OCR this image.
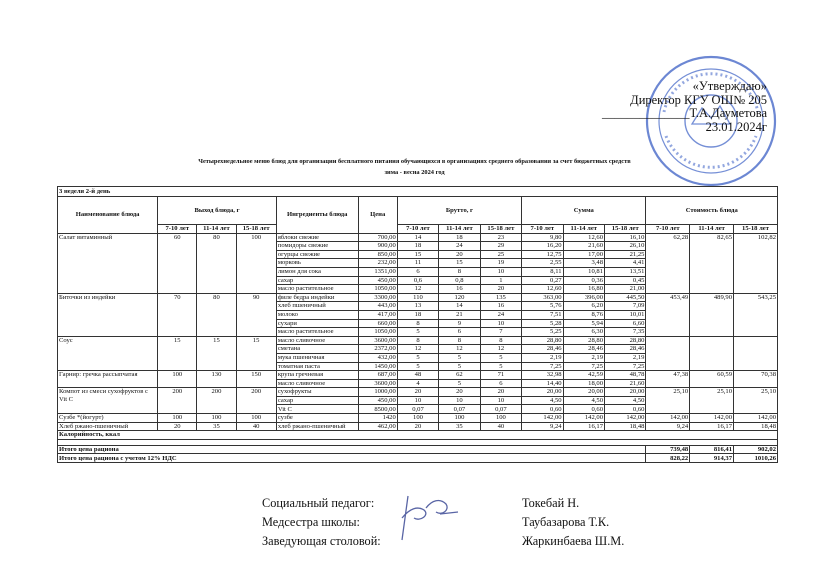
«Утверждаю»
Директор КГУ ОШ№ 205
______________Т.А.Дауметова
23.01.2024г
Четырехнедельное меню блюд для организации бесплатного питания обучающихся в организациях среднего образования за счет бюджетных средств
зима - весна 2024 год
3 неделя 2-й день														
Наименование блюда	Выход блюда, г			Ингредиенты блюда	Цена	Брутто, г			Сумма			Стоимость блюда		
	7-10 лет	11-14 лет	15-18 лет			7-10 лет	11-14 лет	15-18 лет	7-10 лет	11-14 лет	15-18 лет	7-10 лет	11-14 лет	15-18 лет
Салат витаминный	60	80	100	яблоки свежие	700,00	14	18	23	9,80	12,60	16,10	62,28	82,65	102,82
				помидоры свежие	900,00	18	24	29	16,20	21,60	26,10			
				огурцы свежие	850,00	15	20	25	12,75	17,00	21,25			
				морковь	232,00	11	15	19	2,55	3,48	4,41			
				лимон для сока	1351,00	6	8	10	8,11	10,81	13,51			
				сахар	450,00	0,6	0,8	1	0,27	0,36	0,45			
				масло растительное	1050,00	12	16	20	12,60	16,80	21,00			
Биточки из индейки	70	80	90	филе бедра индейки	3300,00	110	120	135	363,00	396,00	445,50	453,49	489,90	543,25
				хлеб пшеничный	443,00	13	14	16	5,76	6,20	7,09			
				молоко	417,00	18	21	24	7,51	8,76	10,01			
				сухари	660,00	8	9	10	5,28	5,94	6,60			
				масло растительное	1050,00	5	6	7	5,25	6,30	7,35			
Соус	15	15	15	масло сливочное	3600,00	8	8	8	28,80	28,80	28,80			
				сметана	2372,00	12	12	12	28,46	28,46	28,46			
				мука пшеничная	432,00	5	5	5	2,19	2,19	2,19			
				томатная паста	1450,00	5	5	5	7,25	7,25	7,25			
Гарнир: гречка рассыпчатая	100	130	150	крупа гречневая	687,00	48	62	71	32,98	42,59	48,78	47,38	60,59	70,38
				масло сливочное	3600,00	4	5	6	14,40	18,00	21,60			
Компот из смеси сухофруктов с Vit C	200	200	200	сухофрукты	1000,00	20	20	20	20,00	20,00	20,00	25,10	25,10	25,10
				сахар	450,00	10	10	10	4,50	4,50	4,50			
				Vit C	8500,00	0,07	0,07	0,07	0,60	0,60	0,60			
Сузбе *(йогурт)	100	100	100	сузбе	1420	100	100	100	142,00	142,00	142,00	142,00	142,00	142,00
Хлеб ржано-пшеничный	20	35	40	хлеб ржано-пшеничный	462,00	20	35	40	9,24	16,17	18,48	9,24	16,17	18,48
Калорийность, ккал														

Итого цена рациона												739,48	816,41	902,02
Итого цена рациона с учетом 12% НДС												828,22	914,37	1010,26
Социальный педагог:	Токебай Н.
Медсестра школы:	Таубазарова Т.К.
Заведующая столовой:	Жаркинбаева Ш.М.
